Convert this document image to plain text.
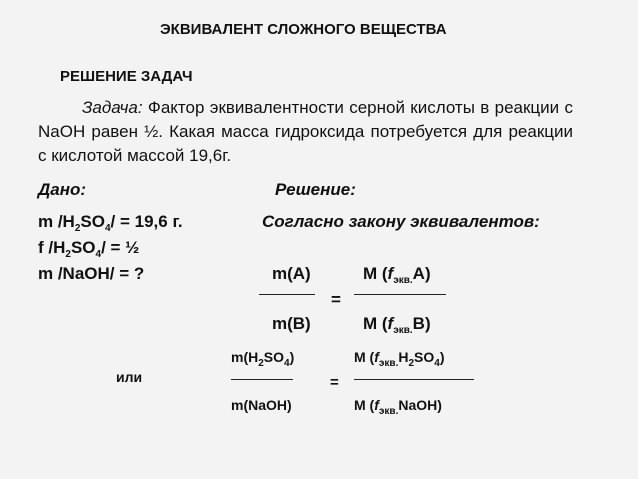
ЭКВИВАЛЕНТ СЛОЖНОГО ВЕЩЕСТВА
РЕШЕНИЕ ЗАДАЧ
Задача: Фактор эквивалентности серной кислоты в реакции с NaOH равен ½. Какая масса гидроксида потребуется для реакции с кислотой массой 19,6г.
Дано:	Решение:
m $/H_2SO_4/ = 19,6$ г.	Согласно закону эквивалентов:
f $/H_2SO_4/$ = ½
m /NaOH/ = ?	m(A)	M $(f_{экв.}A)$
=
m(B)	M $(f_{экв.}B)$
$m(H_2SO_4)$	M $(f_{экв.}H_2SO_4)$
или	=
m(NaOH)	M $(f_{экв.}NaOH)$
